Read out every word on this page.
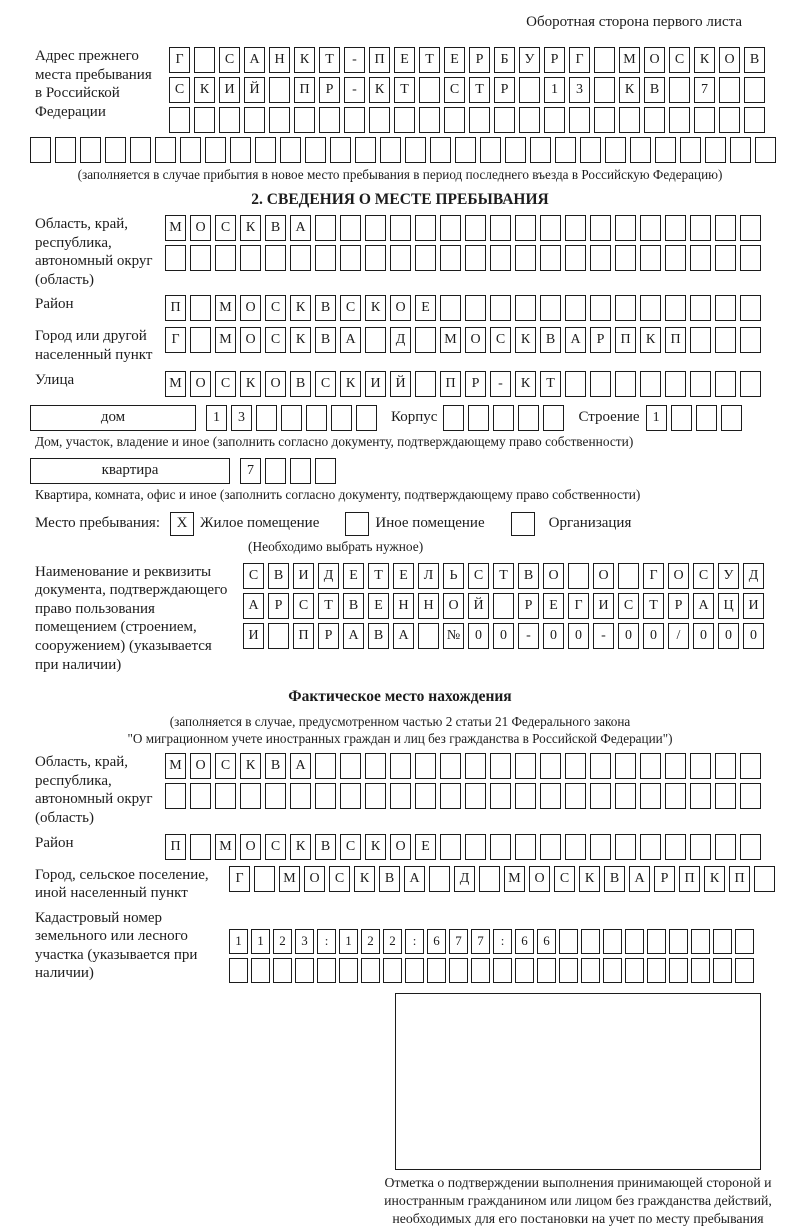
Оборотная сторона первого листа
Адрес прежнего места пребывания в Российской Федерации
Г	С	А	Н	К	Т	-	П	Е	Т	Е	Р	Б	У	Р	Г	М О	С	К	О	В
С	К	И	Й	П	Р	-	К	Т	С	Т	Р	1	3	К	В	7
(заполняется в случае прибытия в новое место пребывания в период последнего въезда в Российскую Федерацию)
2. СВЕДЕНИЯ О МЕСТЕ ПРЕБЫВАНИЯ
Область, край, республика, автономный округ (область)
М О	С	К	В	А
Район	П	М О	С	К	В	С	К	О	Е
Город или другой населенный пункт
Г	М О	С	К	В	А	Д	М О	С	К	В	А	Р	П	К	П
Улица	М О	С	К	О	В	С	К	И	Й	П	Р	-	К	Т
дом	1	3	Корпус	Строение 1
Дом, участок, владение и иное (заполнить согласно документу, подтверждающему право собственности)
квартира	7
Квартира, комната, офис и иное (заполнить согласно документу, подтверждающему право собственности)
Место пребывания:	X Жилое помещение	Иное помещение	Организация
(Необходимо выбрать нужное)
Наименование и реквизиты документа, подтверждающего право пользования помещением (строением, сооружением) (указывается при наличии)
С	В	И	Д	Е	Т	Е	Л	Ь	С	Т	В	О	О	Г	О	С	У	Д
А	Р	С	Т	В	Е	Н	Н	О	Й	Р	Е	Г	И	С	Т	Р	А	Ц	И
И	П	Р	А	В	А	№	0	0	-	0	0	-	0	0	/	0	0	0
Фактическое место нахождения
(заполняется в случае, предусмотренном частью 2 статьи 21 Федерального закона
"О миграционном учете иностранных граждан и лиц без гражданства в Российской Федерации")
Область, край, республика, автономный округ (область)
М О	С	К	В	А
Район	П	М О	С	К	В	С	К	О	Е
Город, сельское поселение, иной населенный пункт
Г	М О	С	К	В	А	Д	М О	С	К	В	А	Р	П	К	П
Кадастровый номер земельного или лесного участка (указывается при наличии)
1	1	2	3	:	1	2	2	:	6	7	7	:	6	6
Отметка о подтверждении выполнения принимающей стороной и иностранным гражданином или лицом без гражданства действий, необходимых для его постановки на учет по месту пребывания
